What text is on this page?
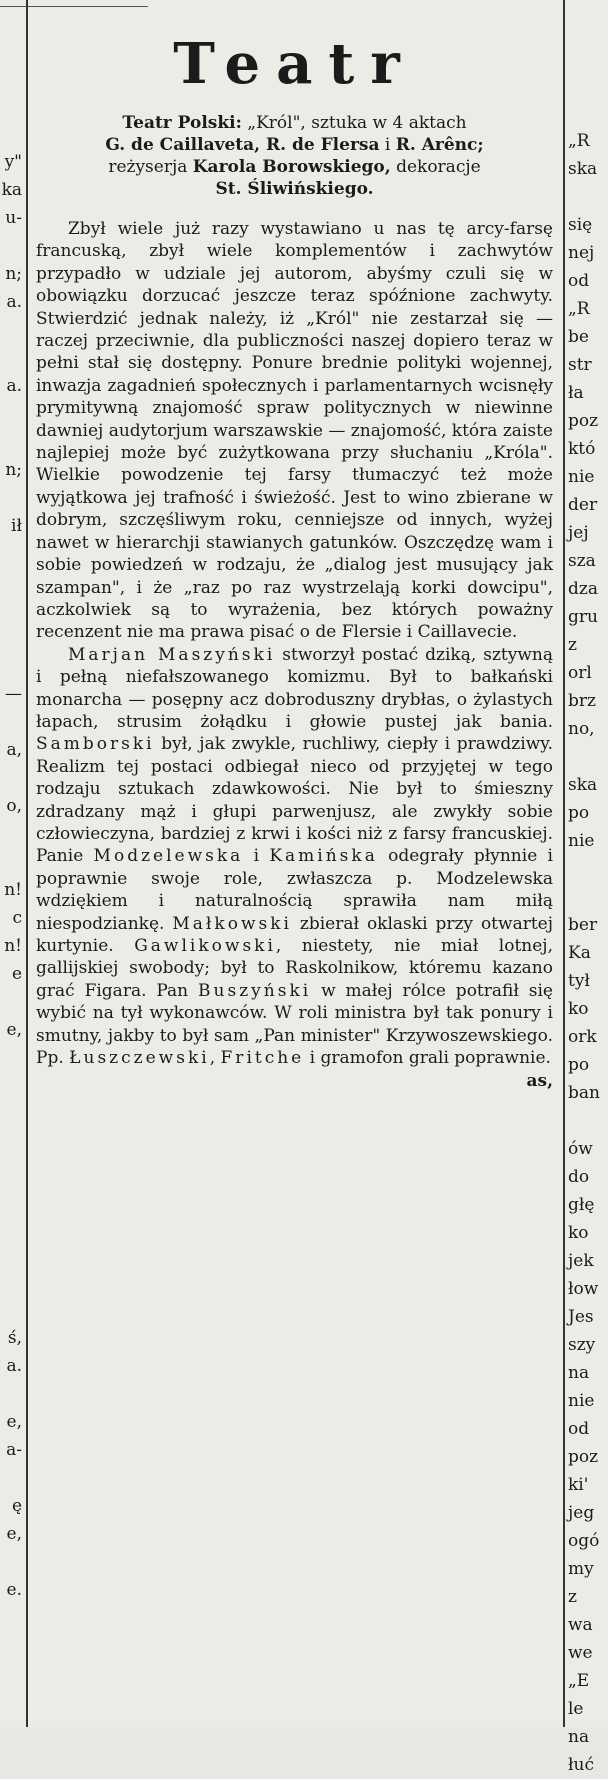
y"
ka
u-
n;
a.
a.
n;
ił
—
a,
o,
n!
c
n!
e
e,
ś,
a.
e,
a-
ę
e,
e.
„R
ska
się
nej
od
„R
be
str
ła
poz
któ
nie
der
jej
sza
dza
gru
z
orl
brz
no,
ska
po
nie
ber
Ka
tył
ko
ork
po
ban
ów
do
głę
ko
jek
łow
Jes
szy
na
nie
od
poz
ki'
jeg
ogó
my
z
wa
we
„E
le
na
łuć
Teatr
Teatr Polski: „Król", sztuka w 4 aktach
G. de Caillaveta, R. de Flersa i R. Arênc;
reżyserja Karola Borowskiego, dekoracje
St. Śliwińskiego.

Zbył wiele już razy wystawiano u nas tę arcy-farsę francuską, zbył wiele komplementów i zachwytów przypadło w udziale jej autorom, abyśmy czuli się w obowiązku dorzucać jeszcze teraz spóźnione zachwyty. Stwierdzić jednak należy, iż „Król" nie zestarzał się — raczej przeciwnie, dla publiczności naszej dopiero teraz w pełni stał się dostępny. Ponure brednie polityki wojennej, inwazja zagadnień społecznych i parlamentarnych wcisnęły prymitywną znajomość spraw politycznych w niewinne dawniej audytorjum warszawskie — znajomość, która zaiste najlepiej może być zużytkowana przy słuchaniu „Króla". Wielkie powodzenie tej farsy tłumaczyć też może wyjątkowa jej trafność i świeżość. Jest to wino zbierane w dobrym, szczęśliwym roku, cenniejsze od innych, wyżej nawet w hierarchji stawianych gatunków. Oszczędzę wam i sobie powiedzeń w rodzaju, że „dialog jest musujący jak szampan", i że „raz po raz wystrzelają korki dowcipu", aczkolwiek są to wyrażenia, bez których poważny recenzent nie ma prawa pisać o de Flersie i Caillavecie.

Marjan Maszyński stworzył postać dziką, sztywną i pełną niefałszowanego komizmu. Był to bałkański monarcha — posępny acz dobroduszny drybłas, o żylastych łapach, strusim żołądku i głowie pustej jak bania. Samborski był, jak zwykle, ruchliwy, ciepły i prawdziwy. Realizm tej postaci odbiegał nieco od przyjętej w tego rodzaju sztukach zdawkowości. Nie był to śmieszny zdradzany mąż i głupi parwenjusz, ale zwykły sobie człowieczyna, bardziej z krwi i kości niż z farsy francuskiej. Panie Modzelewska i Kamińska odegrały płynnie i poprawnie swoje role, zwłaszcza p. Modzelewska wdziękiem i naturalnością sprawiła nam miłą niespodziankę. Małkowski zbierał oklaski przy otwartej kurtynie. Gawlikowski, niestety, nie miał lotnej, gallijskiej swobody; był to Raskolnikow, któremu kazano grać Figara. Pan Buszyński w małej rólce potrafił się wybić na tył wykonawców. W roli ministra był tak ponury i smutny, jakby to był sam „Pan minister" Krzywoszewskiego. Pp. Łuszczewski, Fritche i gramofon grali poprawnie.

as,
